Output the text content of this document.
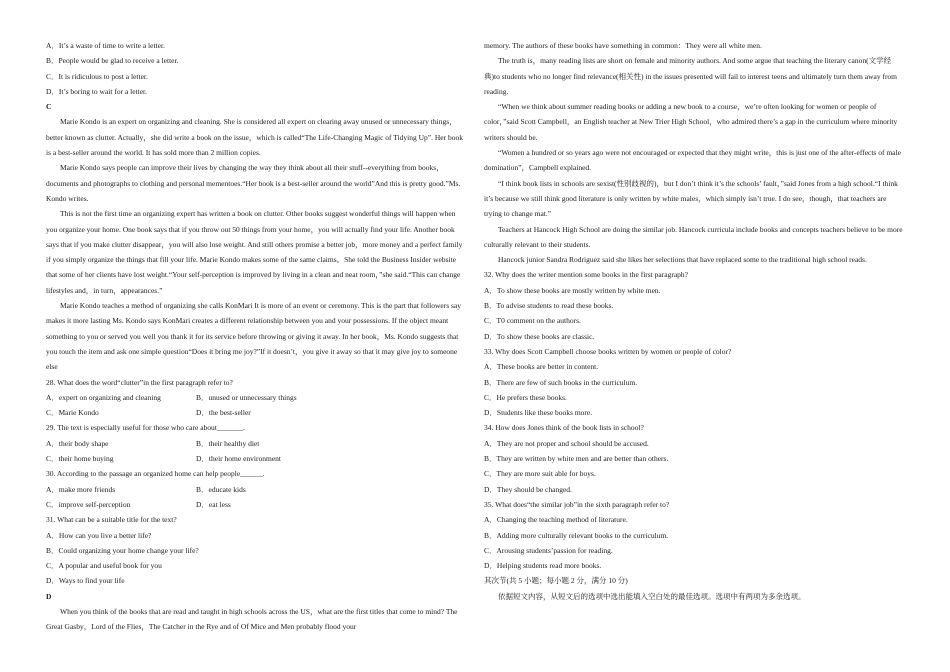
A．It’s a waste of time to write a letter.

B．People would be glad to receive a letter.

C．It is ridiculous to post a letter.

D．It’s boring to wait for a letter.

C

Marie Kondo is an expert on organizing and cleaning. She is considered all expert on clearing away unused or unnecessary things，better known as clutter. Actually，she did write a book on the issue，which is called“The Life-Changing Magic of Tidying Up”. Her book is a best-seller around the world. It has sold more than 2 million copies.

Marie Kondo says people can improve their lives by changing the way they think about all their stuff--everything from books，documents and photographs to clothing and personal mementoes.“Her book is a best-seller around the world”And this is pretty good.”Ms. Kondo writes.

This is not the first time an organizing expert has written a book on clutter. Other books suggest wonderful things will happen when you organize your home. One book says that if you throw out 50 things from your home，you will actually find your life. Another book says that if you make clutter disappear，you will also lose weight. And still others promise a better job，more money and a perfect family if you simply organize the things that fill your life. Marie Kondo makes some of the same claims。She told the Business Insider website that some of her clients have lost weight.“Your self-perception is improved by living in a clean and neat room，”she said.“This can change lifestyles and，in turn，appearances.”

Marie Kondo teaches a method of organizing she calls KonMari It is more of an event or ceremony. This is the part that followers say makes it more lasting Ms. Kondo says KonMari creates a different relationship between you and your possessions. If the object meant something to you or served you well you thank it for its service before throwing or giving it away. In her book，Ms. Kondo suggests that you touch the item and ask one simple question“Does it bring me joy?”If it doesn’t，you give it away so that it may give joy to someone else

28. What does the word“clutter”in the first paragraph refer to?

A．expert on organizing and cleaning	B．unused or unnecessary things
C．Marie Kondo	D．the best-seller

29. The text is especially useful for those who care about_______.

A．their body shape	B．their healthy diet
C．their home buying	D．their home environment

30. According to the passage an organized home can help people______.

A．make more friends	B．educate kids
C．improve self-perception	D．eat less

31. What can be a suitable title for the text?

A．How can you live a better life?

B．Could organizing your home change your life?

C．A popular and useful book for you

D．Ways to find your life

D

When you think of the books that are read and taught in high schools across the US，what are the first titles that come to mind? The Great Gasby，Lord of the Flies，The Catcher in the Rye and of Of Mice and Men probably flood your

memory. The authors of these books have something in common：They were all white men.

The truth is，many reading lists are short on female and minority authors. And some argue that teaching the literary canon(文学经典)to students who no longer find relevance(相关性) in the issues presented will fail to interest teens and ultimately turn them away from reading.

“When we think about summer reading books or adding a new book to a course，we’re often looking for women or people of color，”said Scott Campbell，an English teacher at New Trier High School，who admired there’s a gap in the curriculum where minority writers should be.

“Women a hundred or so years ago were not encouraged or expected that they might write，this is just one of the after-effects of male domination”，Campbell explained.

“I think book lists in schools are sexist(性别歧视的)，but I don’t think it’s the schools’ fault，”said Jones from a high school.“I think it’s because we still think good literature is only written by white males，which simply isn’t true. I do see，though，that teachers are trying to change mat.”

Teachers at Hancock High School are doing the similar job. Hancock curricula include books and concepts teachers believe to be more culturally relevant to their students.

Hancock junior Sandra Rodriguez said she likes her selections that have replaced some to the traditional high school reads.

32. Why does the writer mention some books in the first paragraph?

A．To show these books are mostly written by white men.

B．To advise students to read these books.

C．T0 comment on the authors.

D．To show these books are classic.

33. Why does Scott Campbell choose books written by women or people of color?

A．These books are better in content.

B．There are few of such books in the curriculum.

C．He prefers these books.

D．Students like these books more.

34. How does Jones think of the book lists in school?

A．They are not proper and school should be accused.

B．They are written by white men and are better than others.

C．They are more suit able for boys.

D．They should be changed.

35. What does“the similar job”in the sixth paragraph refer to?

A．Changing the teaching method of literature.

B．Adding more culturally relevant books to the curriculum.

C．Arousing students’passion for reading.

D．Helping students read more books.

其次节(共 5 小题；每小题 2 分，满分 10 分)

依据短文内容，从短文后的选项中选出能填入空白处的最佳选项。选项中有两项为多余选项。
